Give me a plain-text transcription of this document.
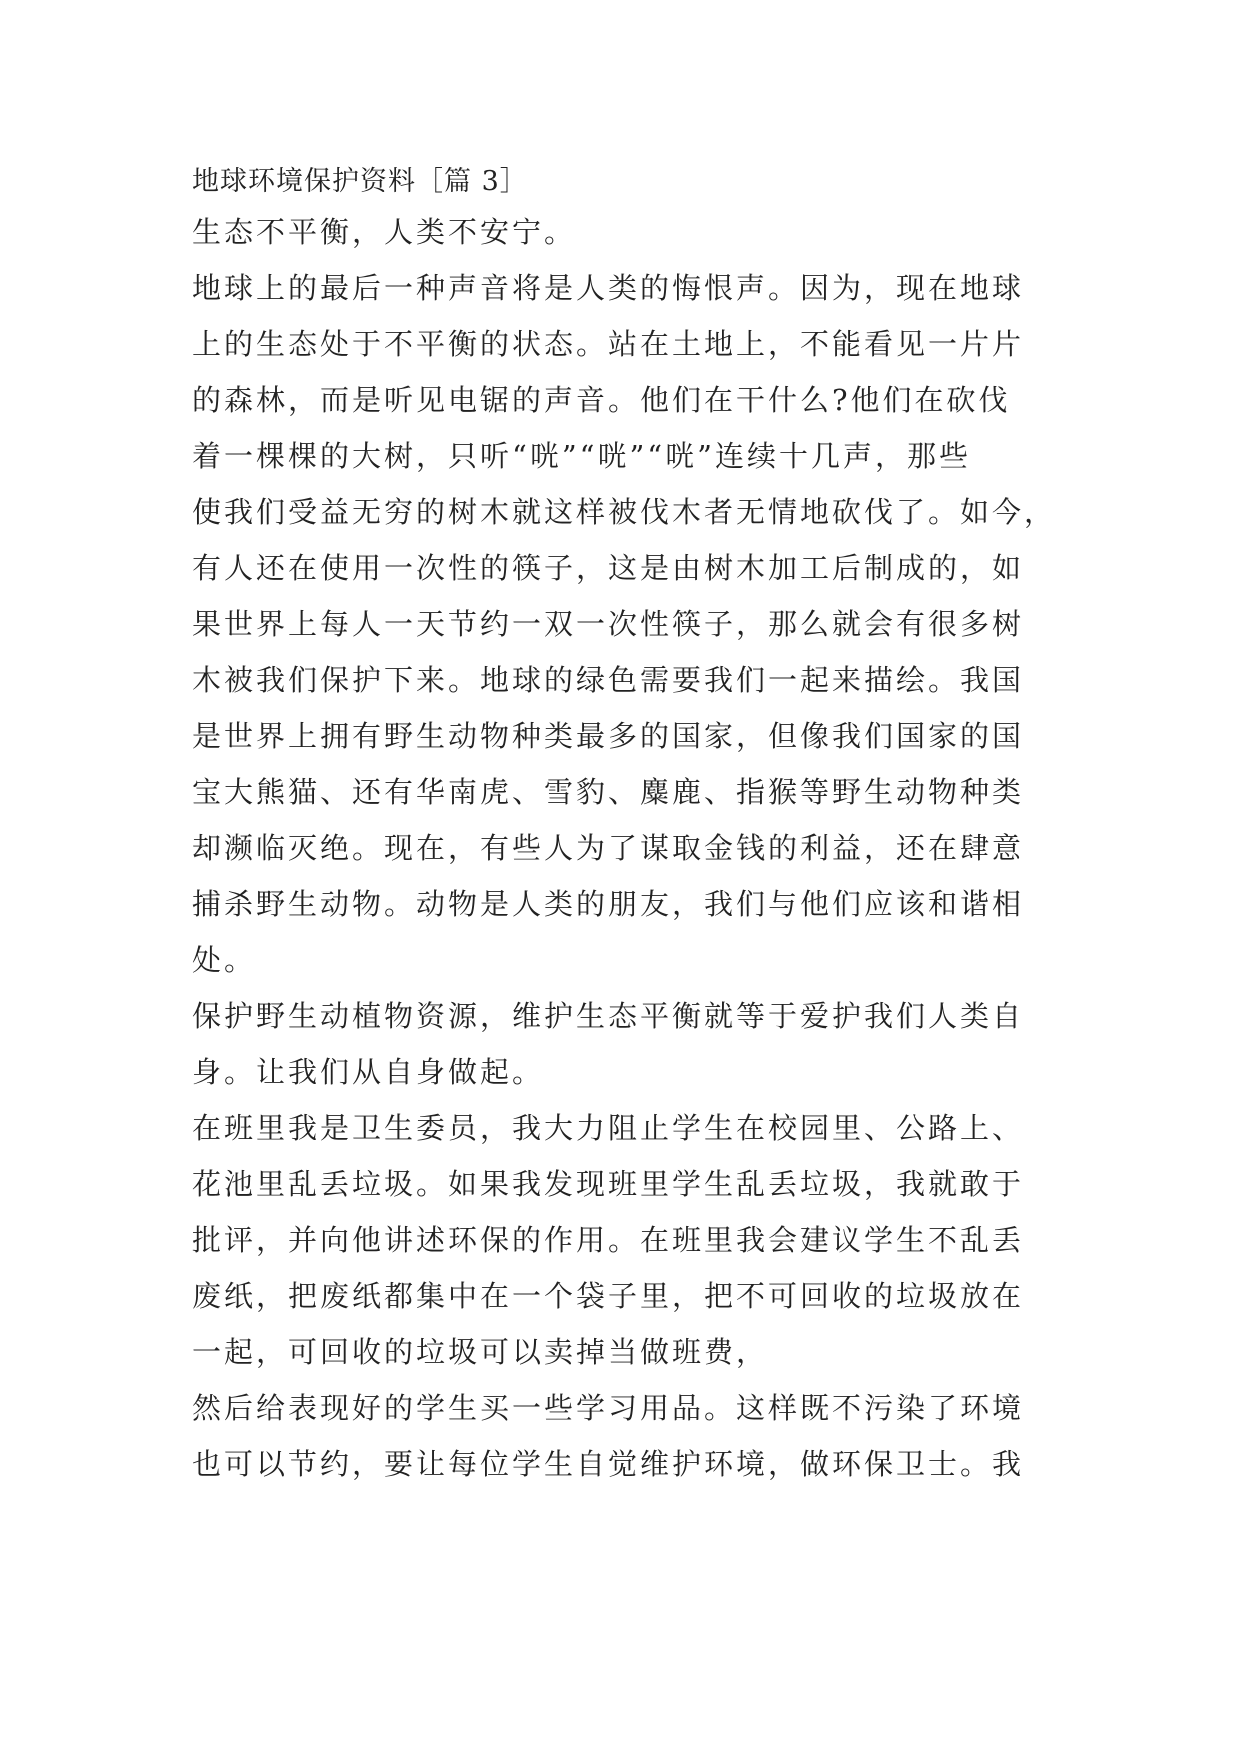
地球环境保护资料［篇 3］
生态不平衡，人类不安宁。
地球上的最后一种声音将是人类的悔恨声。因为，现在地球
上的生态处于不平衡的状态。站在土地上，不能看见一片片
的森林，而是听见电锯的声音。他们在干什么?他们在砍伐
着一棵棵的大树，只听“咣”“咣”“咣”连续十几声，那些
使我们受益无穷的树木就这样被伐木者无情地砍伐了。如今，
有人还在使用一次性的筷子，这是由树木加工后制成的，如
果世界上每人一天节约一双一次性筷子，那么就会有很多树
木被我们保护下来。地球的绿色需要我们一起来描绘。我国
是世界上拥有野生动物种类最多的国家，但像我们国家的国
宝大熊猫、还有华南虎、雪豹、麋鹿、指猴等野生动物种类
却濒临灭绝。现在，有些人为了谋取金钱的利益，还在肆意
捕杀野生动物。动物是人类的朋友，我们与他们应该和谐相
处。
保护野生动植物资源，维护生态平衡就等于爱护我们人类自
身。让我们从自身做起。
在班里我是卫生委员，我大力阻止学生在校园里、公路上、
花池里乱丢垃圾。如果我发现班里学生乱丢垃圾，我就敢于
批评，并向他讲述环保的作用。在班里我会建议学生不乱丢
废纸，把废纸都集中在一个袋子里，把不可回收的垃圾放在
一起，可回收的垃圾可以卖掉当做班费，
然后给表现好的学生买一些学习用品。这样既不污染了环境
也可以节约，要让每位学生自觉维护环境，做环保卫士。我
